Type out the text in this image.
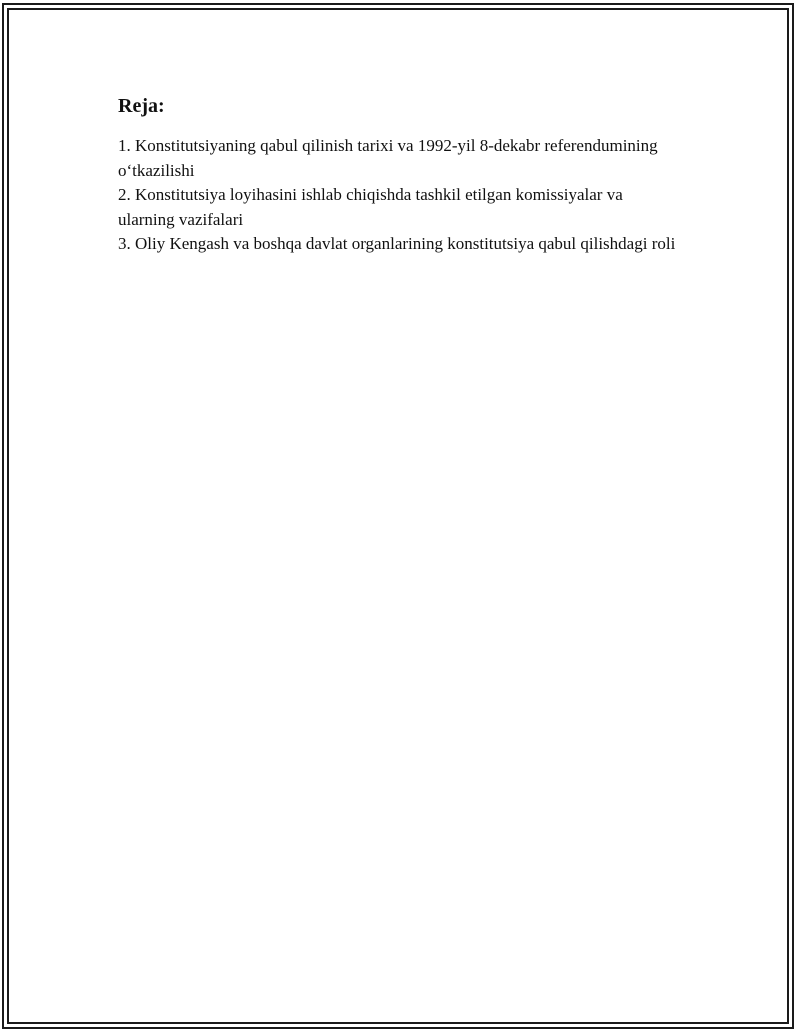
Reja:
1. Konstitutsiyaning qabul qilinish tarixi va 1992-yil 8-dekabr referendumining o‘tkazilishi
2. Konstitutsiya loyihasini ishlab chiqishda tashkil etilgan komissiyalar va ularning vazifalari
3. Oliy Kengash va boshqa davlat organlarining konstitutsiya qabul qilishdagi roli
